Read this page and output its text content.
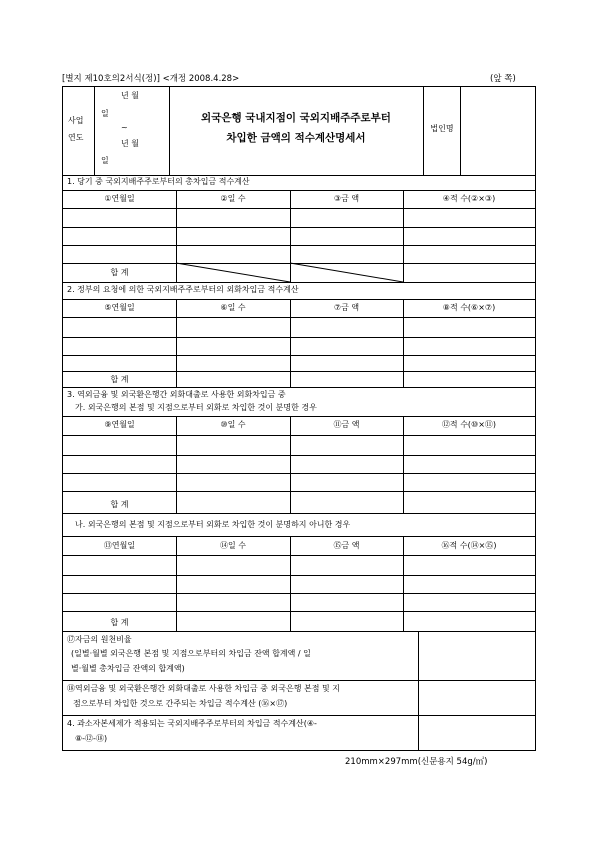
[별지 제10호의2서식(정)] <개정 2008.4.28>	(앞 쪽)
사업
연도
년 월
일
~
년 월
일
외국은행 국내지점이 국외지배주주로부터
차입한 금액의 적수계산명세서
법인명
1. 당기 중 국외지배주주로부터의 총차입금 적수계산
①연월일	②일 수	③금 액	④적 수(②×③)
합 계
2. 정부의 요청에 의한 국외지배주주로부터의 외화차입금 적수계산
⑤연월일	⑥일 수	⑦금 액	⑧적 수(⑥×⑦)
합 계
3. 역외금융 및 외국환은행간 외화대출로 사용한 외화차입금 중
가. 외국은행의 본점 및 지점으로부터 외화로 차입한 것이 분명한 경우
⑨연월일	⑩일 수	⑪금 액	⑫적 수(⑩×⑪)
합 계
나. 외국은행의 본점 및 지점으로부터 외화로 차입한 것이 분명하지 아니한 경우
⑬연월일	⑭일 수	⑮금 액	⑯적 수(⑭×⑮)
합 계
⑰자금의 원천비율
(일별·월별 외국은행 본점 및 지점으로부터의 차입금 잔액 합계액 / 일
별·월별 총차입금 잔액의 합계액)
⑱역외금융 및 외국환은행간 외화대출로 사용한 차입금 중 외국은행 본점 및 지
점으로부터 차입한 것으로 간주되는 차입금 적수계산 (⑯×⑰)
4. 과소자본세제가 적용되는 국외지배주주로부터의 차입금 적수계산(④-
⑧-⑫-⑱)
210mm×297mm(신문용지 54g/㎡)
